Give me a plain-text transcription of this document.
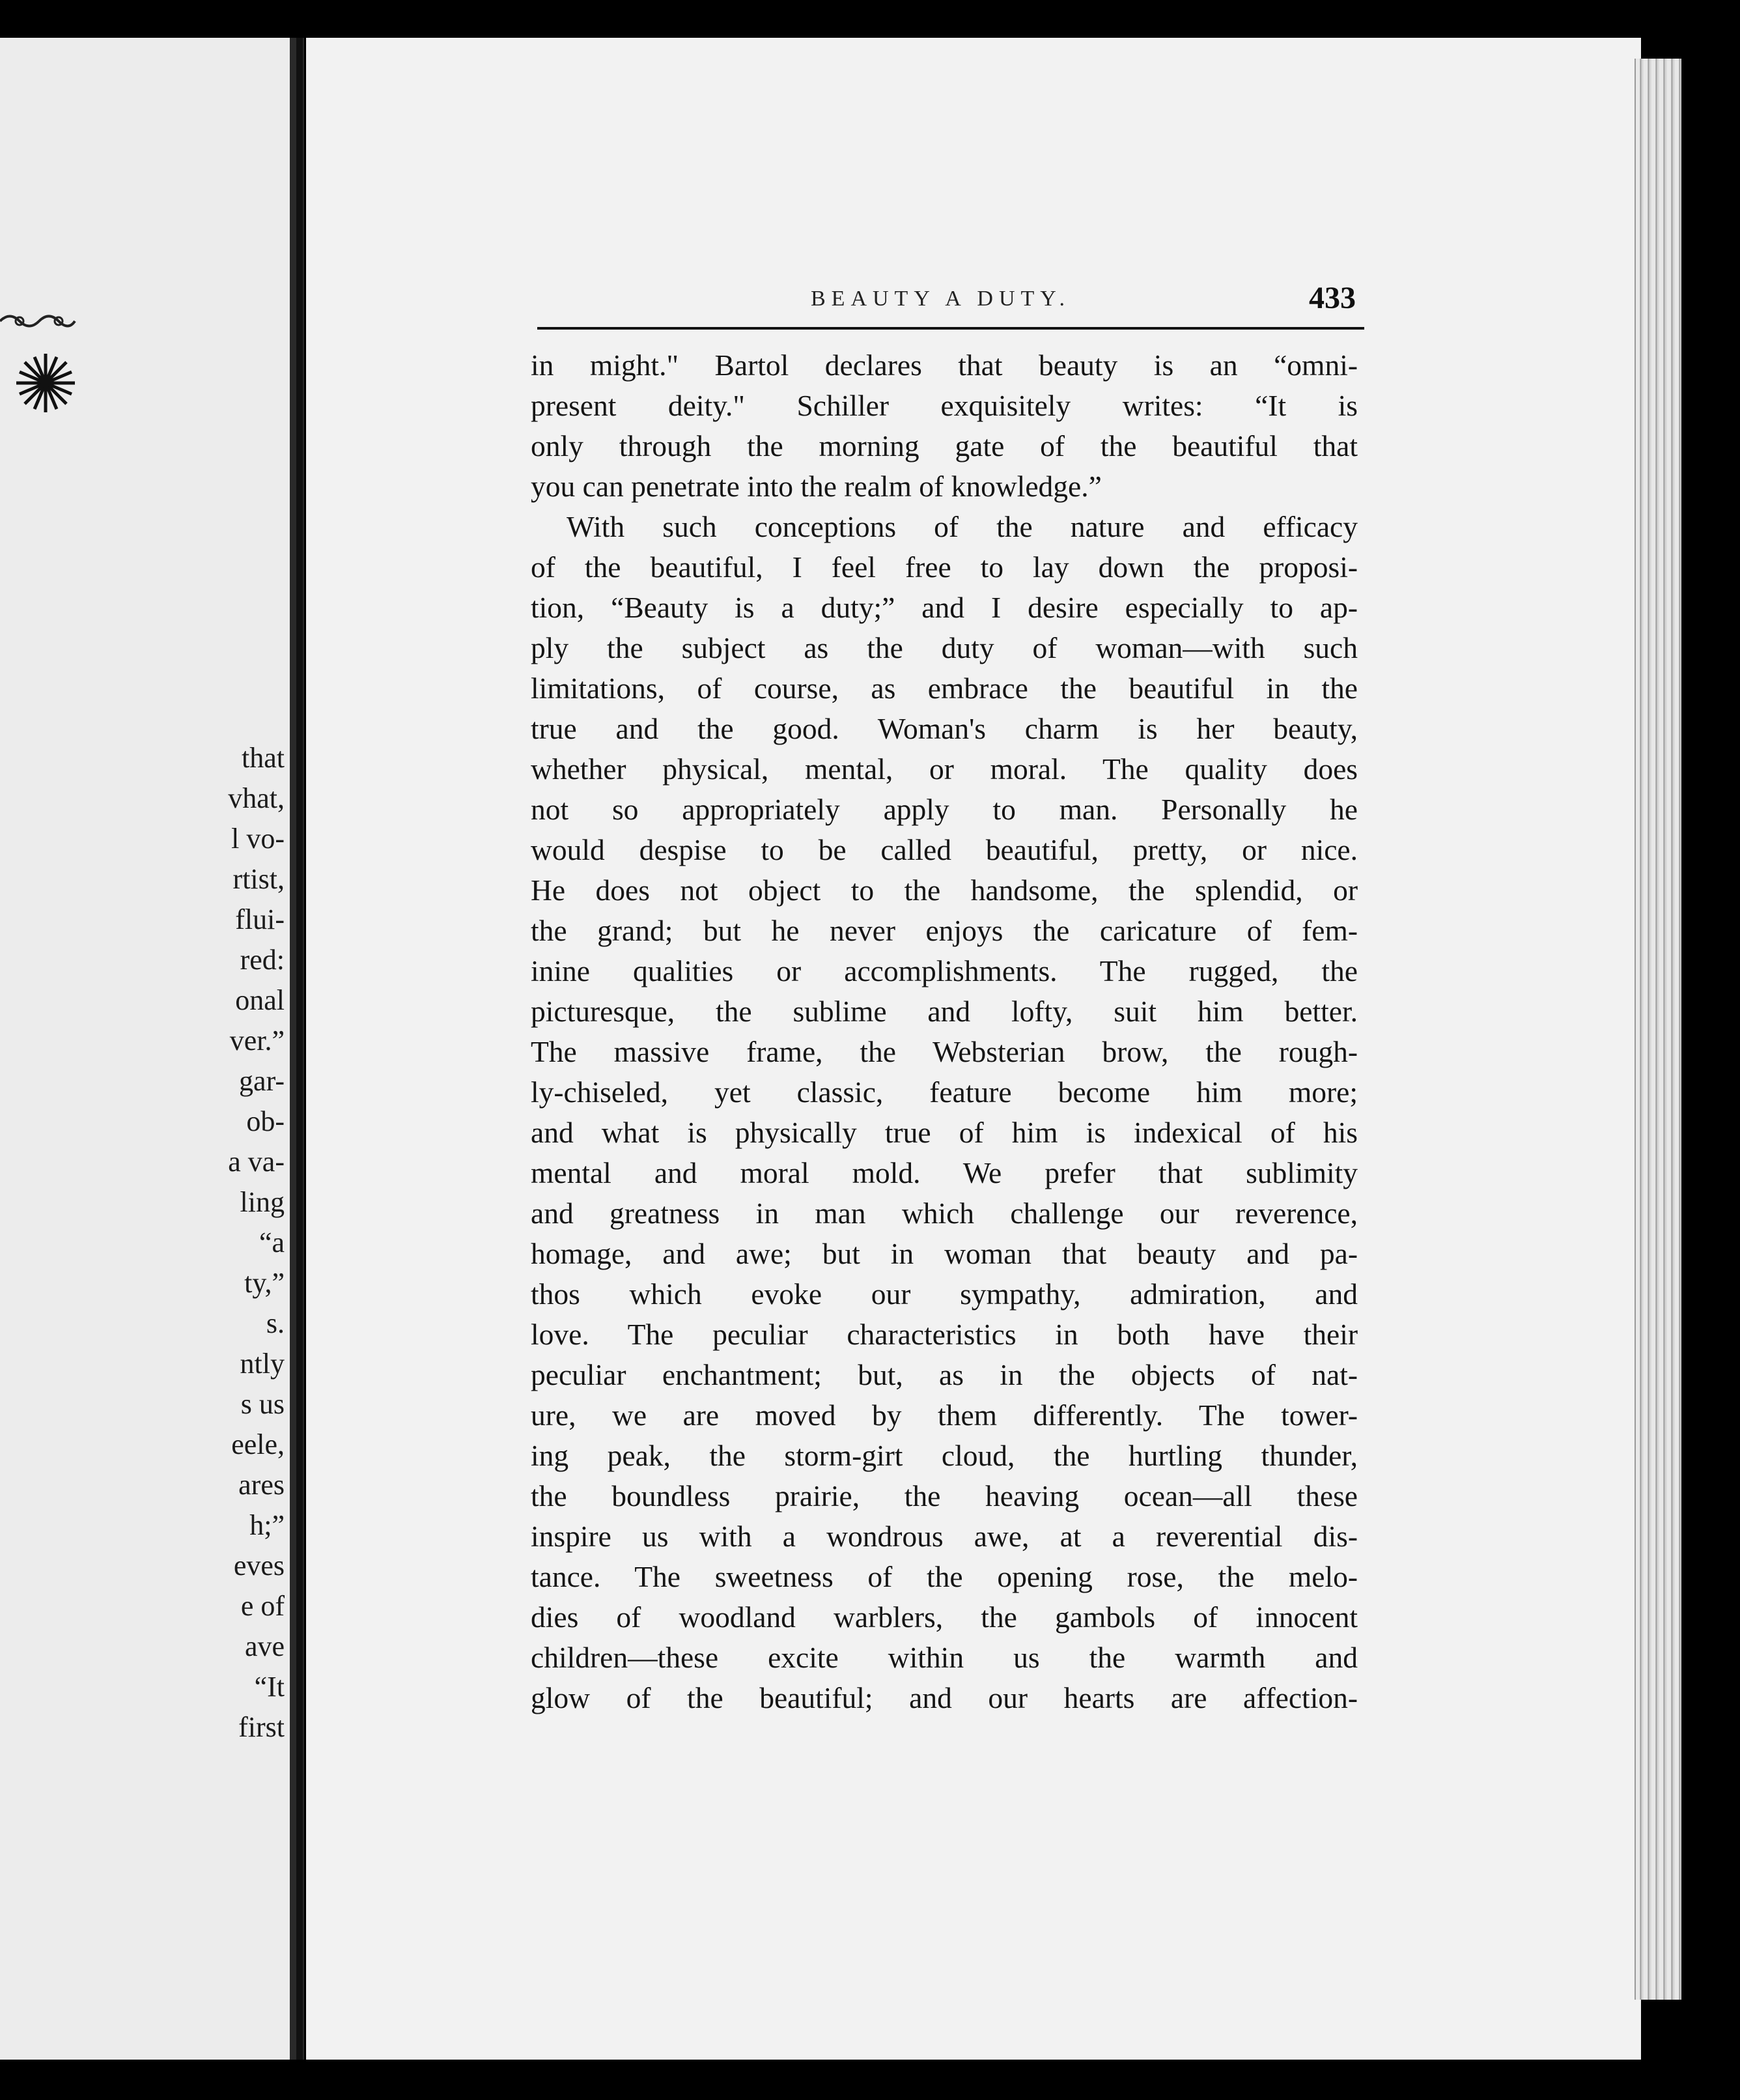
that
vhat,
l vo-
rtist,
flui-
red:
onal
ver.”
gar-
ob-
a va-
ling
“a
ty,”
s.
ntly
s us
eele,
ares
h;”
eves
e of
ave
“It
first
BEAUTY A DUTY.	433
in might." Bartol declares that beauty is an “omni-
present deity." Schiller exquisitely writes: “It is
only through the morning gate of the beautiful that
you can penetrate into the realm of knowledge.”
With such conceptions of the nature and efficacy
of the beautiful, I feel free to lay down the proposi-
tion, “Beauty is a duty;” and I desire especially to ap-
ply the subject as the duty of woman—with such
limitations, of course, as embrace the beautiful in the
true and the good. Woman's charm is her beauty,
whether physical, mental, or moral. The quality does
not so appropriately apply to man. Personally he
would despise to be called beautiful, pretty, or nice.
He does not object to the handsome, the splendid, or
the grand; but he never enjoys the caricature of fem-
inine qualities or accomplishments. The rugged, the
picturesque, the sublime and lofty, suit him better.
The massive frame, the Websterian brow, the rough-
ly-chiseled, yet classic, feature become him more;
and what is physically true of him is indexical of his
mental and moral mold. We prefer that sublimity
and greatness in man which challenge our reverence,
homage, and awe; but in woman that beauty and pa-
thos which evoke our sympathy, admiration, and
love. The peculiar characteristics in both have their
peculiar enchantment; but, as in the objects of nat-
ure, we are moved by them differently. The tower-
ing peak, the storm-girt cloud, the hurtling thunder,
the boundless prairie, the heaving ocean—all these
inspire us with a wondrous awe, at a reverential dis-
tance. The sweetness of the opening rose, the melo-
dies of woodland warblers, the gambols of innocent
children—these excite within us the warmth and
glow of the beautiful; and our hearts are affection-
